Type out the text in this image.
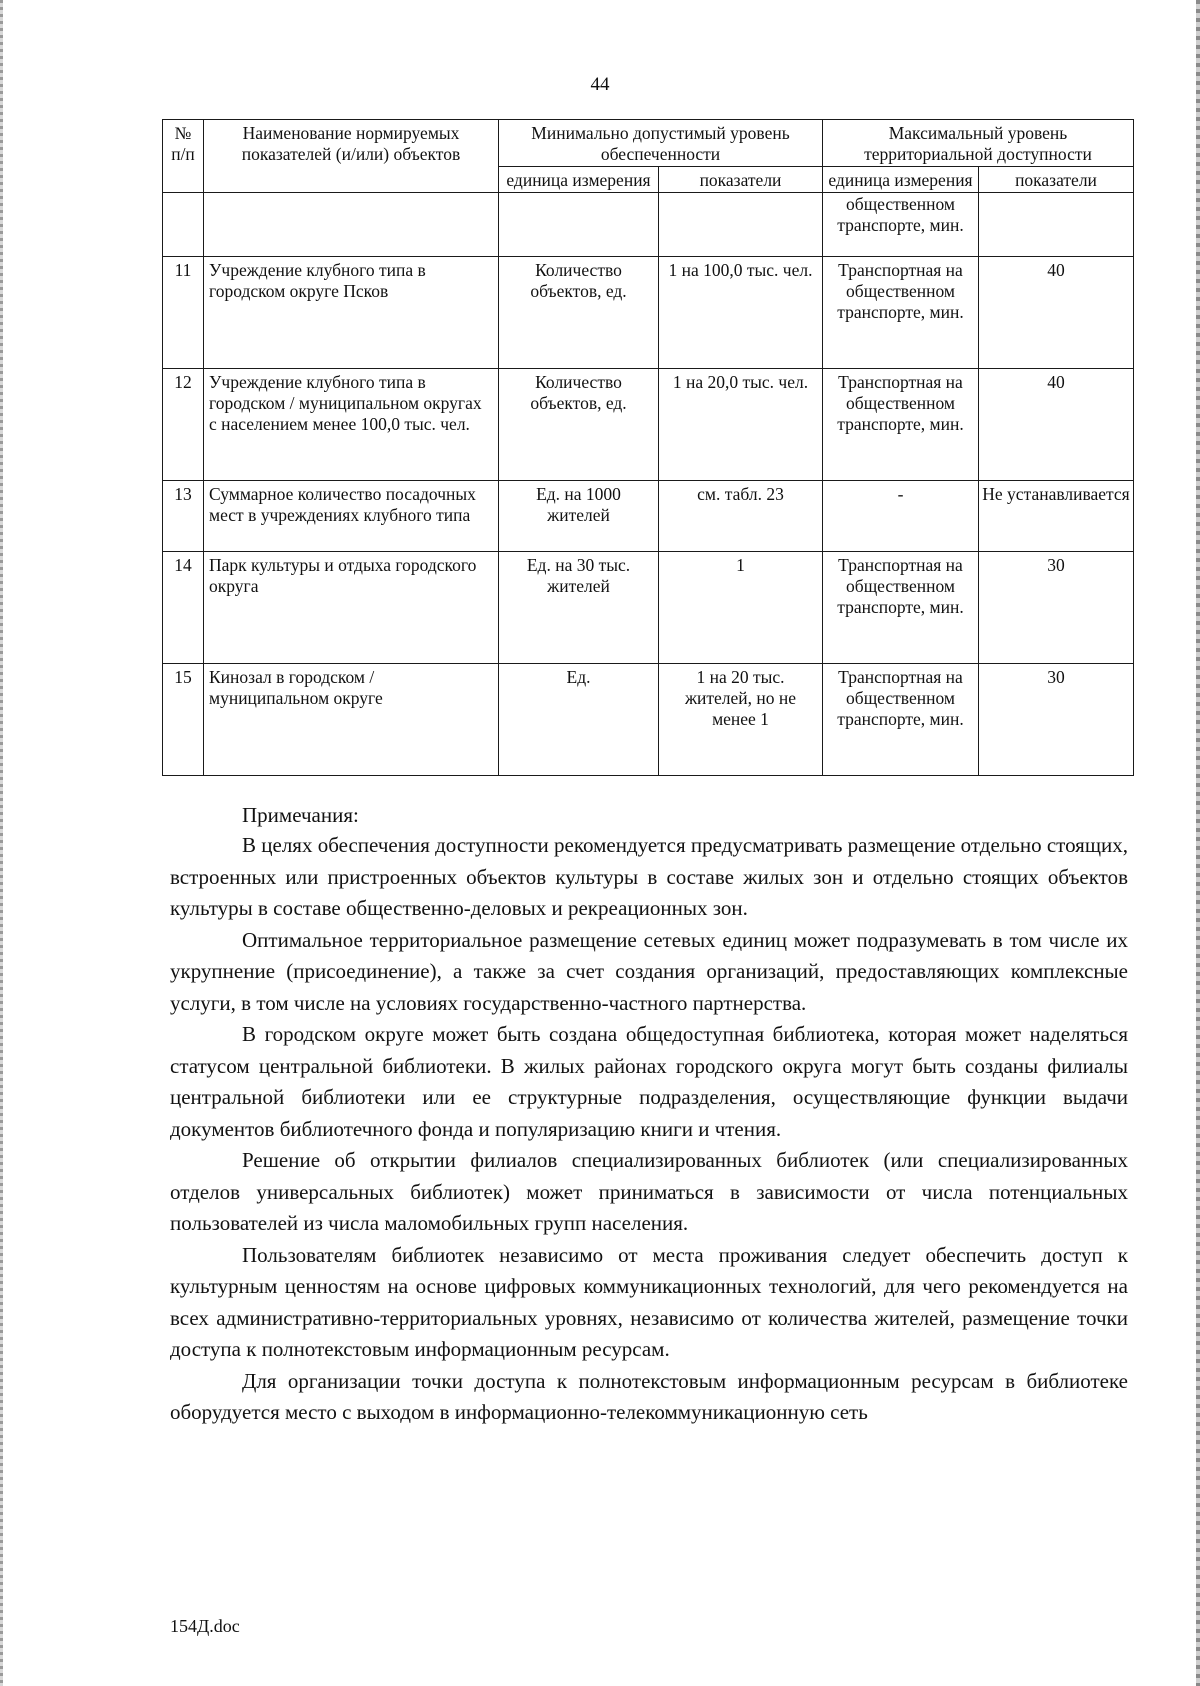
44
№ п/п	Наименование нормируемых показателей (и/или) объектов	Минимально допустимый уровень обеспеченности		Максимальный уровень территориальной доступности	
		единица измерения	показатели	единица измерения	показатели
				общественном транспорте, мин.	
11	Учреждение клубного типа в городском округе Псков	Количество объектов, ед.	1 на 100,0 тыс. чел.	Транспортная на общественном транспорте, мин.	40
12	Учреждение клубного типа в городском / муниципальном округах с населением менее 100,0 тыс. чел.	Количество объектов, ед.	1 на 20,0 тыс. чел.	Транспортная на общественном транспорте, мин.	40
13	Суммарное количество посадочных мест в учреждениях клубного типа	Ед. на 1000 жителей	см. табл. 23	-	Не устанавливается
14	Парк культуры и отдыха городского округа	Ед. на 30 тыс. жителей	1	Транспортная на общественном транспорте, мин.	30
15	Кинозал в городском / муниципальном округе	Ед.	1 на 20 тыс. жителей, но не менее 1	Транспортная на общественном транспорте, мин.	30
Примечания:

В целях обеспечения доступности рекомендуется предусматривать размещение отдельно стоящих, встроенных или пристроенных объектов культуры в составе жилых зон и отдельно стоящих объектов культуры в составе общественно-деловых и рекреационных зон.

Оптимальное территориальное размещение сетевых единиц может подразумевать в том числе их укрупнение (присоединение), а также за счет создания организаций, предоставляющих комплексные услуги, в том числе на условиях государственно-частного партнерства.

В городском округе может быть создана общедоступная библиотека, которая может наделяться статусом центральной библиотеки. В жилых районах городского округа могут быть созданы филиалы центральной библиотеки или ее структурные подразделения, осуществляющие функции выдачи документов библиотечного фонда и популяризацию книги и чтения.

Решение об открытии филиалов специализированных библиотек (или специализированных отделов универсальных библиотек) может приниматься в зависимости от числа потенциальных пользователей из числа маломобильных групп населения.

Пользователям библиотек независимо от места проживания следует обеспечить доступ к культурным ценностям на основе цифровых коммуникационных технологий, для чего рекомендуется на всех административно-территориальных уровнях, независимо от количества жителей, размещение точки доступа к полнотекстовым информационным ресурсам.

Для организации точки доступа к полнотекстовым информационным ресурсам в библиотеке оборудуется место с выходом в информационно-телекоммуникационную сеть

154Д.doc
